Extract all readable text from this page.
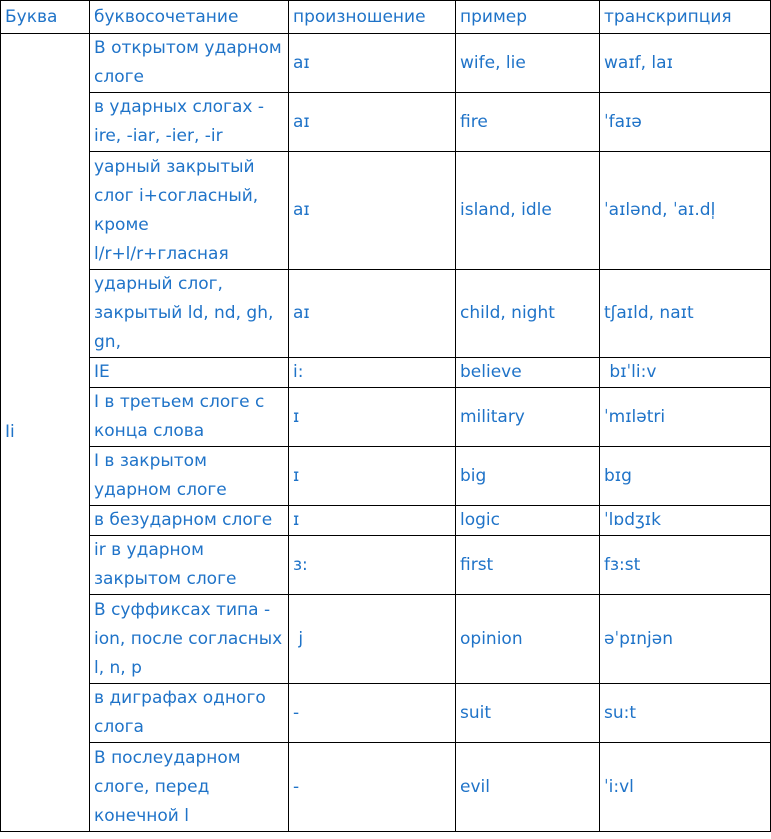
Буква	буквосочетание	произношение	пример	транскрипция
Ii	В открытом ударном слоге	aɪ	wife, lie	waɪf, laɪ
	в ударных слогах - ire, -iar, -ier, -ir	aɪ	fire	ˈfaɪə
	уарный закрытый слог i+согласный, кроме l/r+l/r+гласная	aɪ	island, idle	ˈaɪlənd, ˈaɪ.dl̩
	ударный слог, закрытый ld, nd, gh, gn,	aɪ	child, night	tʃaɪld, naɪt
	IE	i:	believe	bɪˈli:v
	I в третьем слоге с конца слова	ɪ	military	ˈmɪlətri
	I в закрытом ударном слоге	ɪ	big	bɪg
	в безударном слоге	ɪ	logic	ˈlɒdʒɪk
	ir в ударном закрытом слоге	ɜ:	first	fɜ:st
	В суффиксах типа - ion, после согласных l, n, p	j	opinion	əˈpɪnjən
	в диграфах одного слога	-	suit	su:t
	В послеударном слоге, перед конечной l	-	evil	ˈi:vl
